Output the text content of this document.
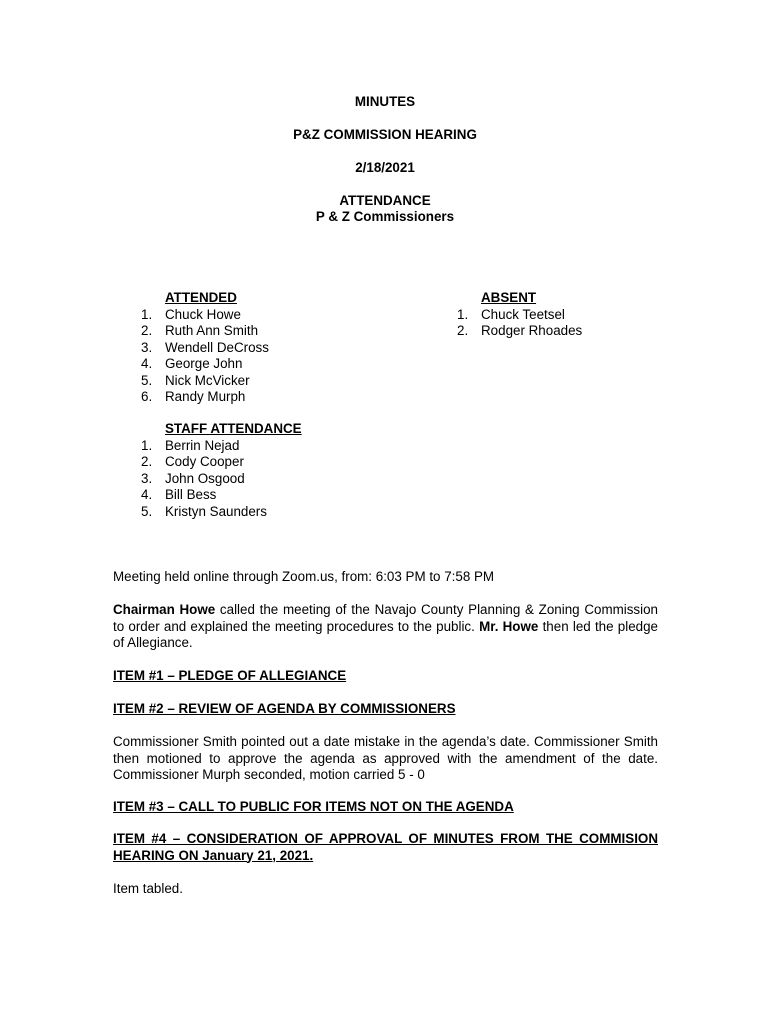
MINUTES
P&Z COMMISSION HEARING
2/18/2021
ATTENDANCE
P & Z Commissioners
ATTENDED
1. Chuck Howe
2. Ruth Ann Smith
3. Wendell DeCross
4. George John
5. Nick McVicker
6. Randy Murph
ABSENT
1. Chuck Teetsel
2. Rodger Rhoades
STAFF ATTENDANCE
1. Berrin Nejad
2. Cody Cooper
3. John Osgood
4. Bill Bess
5. Kristyn Saunders
Meeting held online through Zoom.us, from: 6:03 PM to 7:58 PM
Chairman Howe called the meeting of the Navajo County Planning & Zoning Commission to order and explained the meeting procedures to the public. Mr. Howe then led the pledge of Allegiance.
ITEM #1 – PLEDGE OF ALLEGIANCE
ITEM #2 – REVIEW OF AGENDA BY COMMISSIONERS
Commissioner Smith pointed out a date mistake in the agenda’s date. Commissioner Smith then motioned to approve the agenda as approved with the amendment of the date. Commissioner Murph seconded, motion carried 5 - 0
ITEM #3 – CALL TO PUBLIC FOR ITEMS NOT ON THE AGENDA
ITEM #4 – CONSIDERATION OF APPROVAL OF MINUTES FROM THE COMMISION HEARING ON January 21, 2021.
Item tabled.
